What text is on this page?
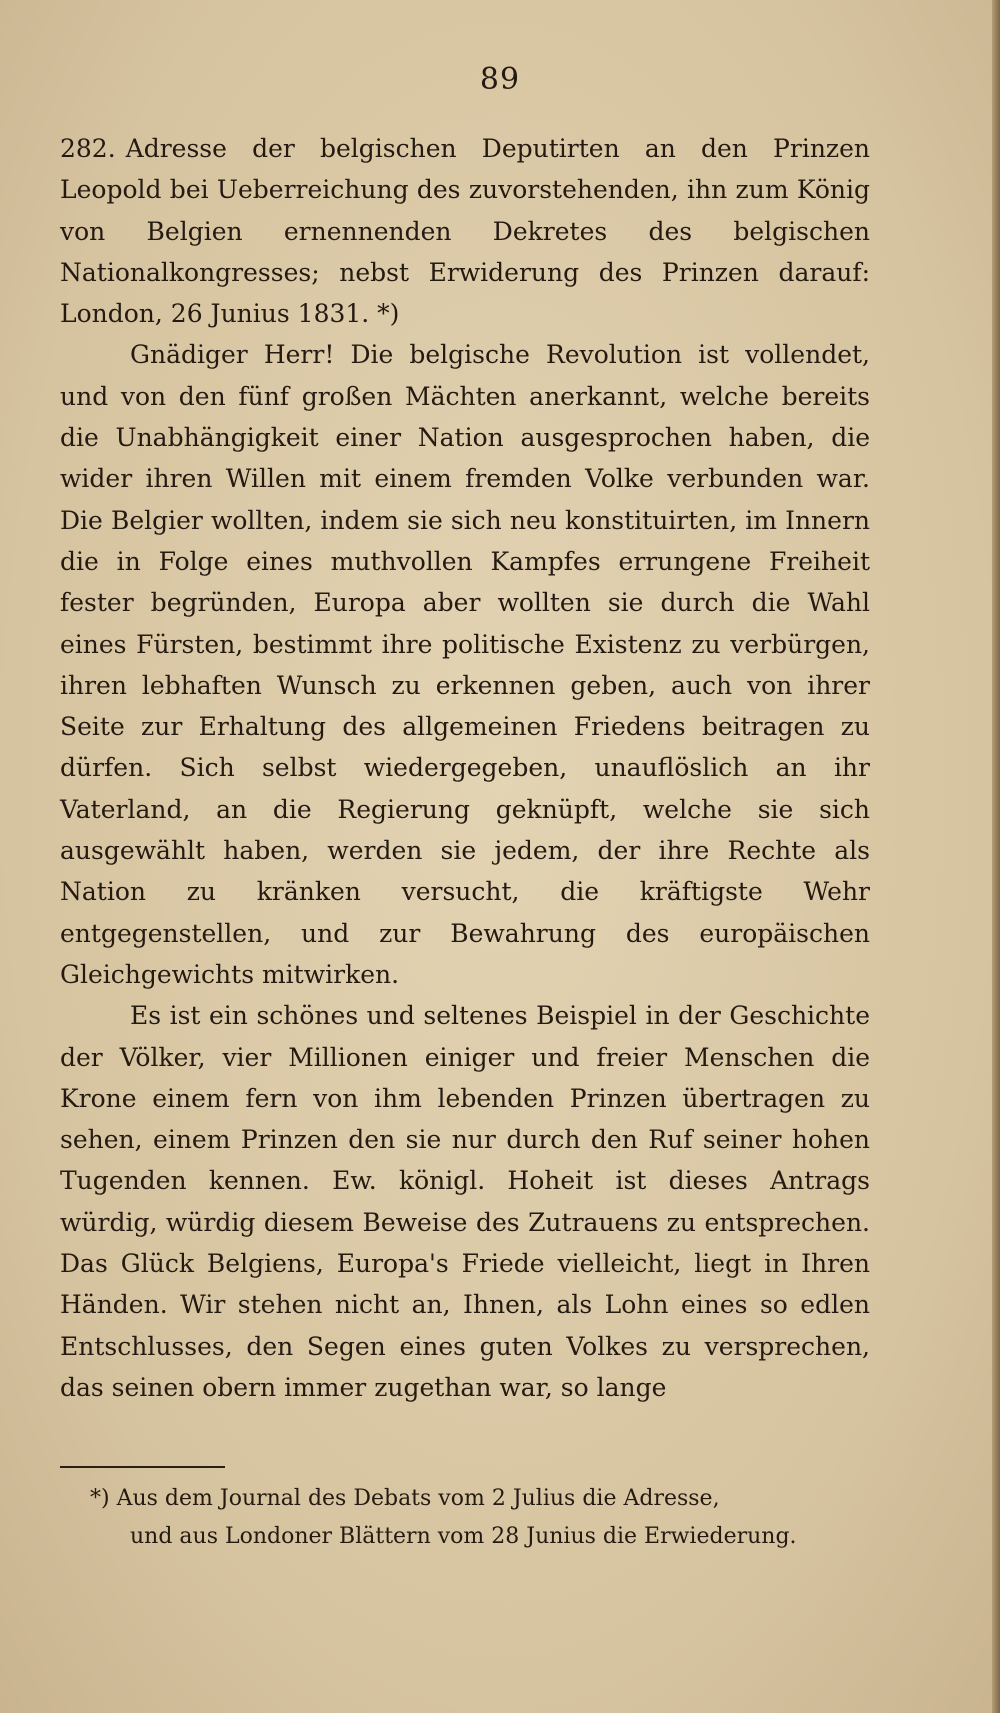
89

282. Adresse der belgischen Deputirten an den Prinzen Leopold bei Ueberreichung des zuvorstehenden, ihn zum König von Belgien ernennenden Dekretes des belgischen Nationalkongresses; nebst Erwiderung des Prinzen darauf: London, 26 Junius 1831. *)

Gnädiger Herr! Die belgische Revolution ist vollendet, und von den fünf großen Mächten anerkannt, welche bereits die Unabhängigkeit einer Nation ausgesprochen haben, die wider ihren Willen mit einem fremden Volke verbunden war. Die Belgier wollten, indem sie sich neu konstituirten, im Innern die in Folge eines muthvollen Kampfes errungene Freiheit fester begründen, Europa aber wollten sie durch die Wahl eines Fürsten, bestimmt ihre politische Existenz zu verbürgen, ihren lebhaften Wunsch zu erkennen geben, auch von ihrer Seite zur Erhaltung des allgemeinen Friedens beitragen zu dürfen. Sich selbst wiedergegeben, unauflöslich an ihr Vaterland, an die Regierung geknüpft, welche sie sich ausgewählt haben, werden sie jedem, der ihre Rechte als Nation zu kränken versucht, die kräftigste Wehr entgegenstellen, und zur Bewahrung des europäischen Gleichgewichts mitwirken.

Es ist ein schönes und seltenes Beispiel in der Geschichte der Völker, vier Millionen einiger und freier Menschen die Krone einem fern von ihm lebenden Prinzen übertragen zu sehen, einem Prinzen den sie nur durch den Ruf seiner hohen Tugenden kennen. Ew. königl. Hoheit ist dieses Antrags würdig, würdig diesem Beweise des Zutrauens zu entsprechen. Das Glück Belgiens, Europa's Friede vielleicht, liegt in Ihren Händen. Wir stehen nicht an, Ihnen, als Lohn eines so edlen Entschlusses, den Segen eines guten Volkes zu versprechen, das seinen obern immer zugethan war, so lange

*) Aus dem Journal des Debats vom 2 Julius die Adresse,
und aus Londoner Blättern vom 28 Junius die Erwiederung.
